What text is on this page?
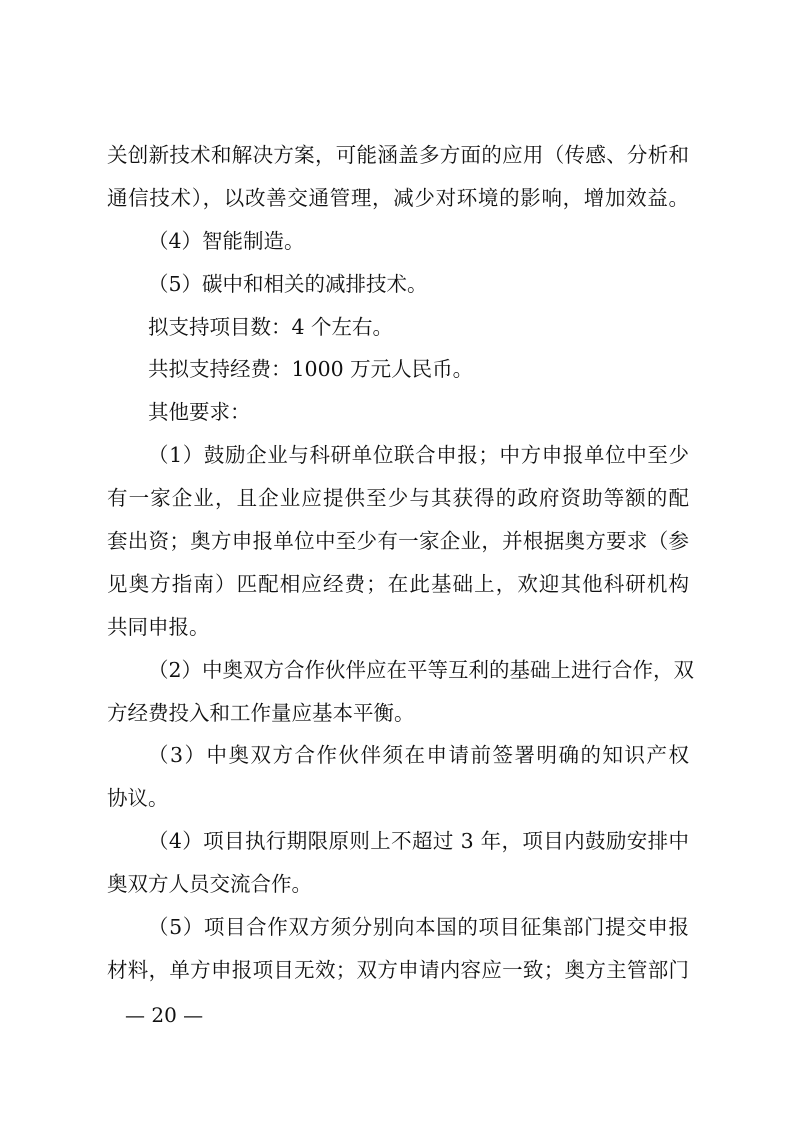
关创新技术和解决方案，可能涵盖多方面的应用（传感、分析和
通信技术），以改善交通管理，减少对环境的影响，增加效益。
（4）智能制造。
（5）碳中和相关的减排技术。
拟支持项目数：4 个左右。
共拟支持经费：1000 万元人民币。
其他要求：
（1）鼓励企业与科研单位联合申报；中方申报单位中至少
有一家企业，且企业应提供至少与其获得的政府资助等额的配
套出资；奥方申报单位中至少有一家企业，并根据奥方要求（参
见奥方指南）匹配相应经费；在此基础上，欢迎其他科研机构
共同申报。
（2）中奥双方合作伙伴应在平等互利的基础上进行合作，双
方经费投入和工作量应基本平衡。
（3）中奥双方合作伙伴须在申请前签署明确的知识产权
协议。
（4）项目执行期限原则上不超过 3 年，项目内鼓励安排中
奥双方人员交流合作。
（5）项目合作双方须分别向本国的项目征集部门提交申报
材料，单方申报项目无效；双方申请内容应一致；奥方主管部门
— 20 —
